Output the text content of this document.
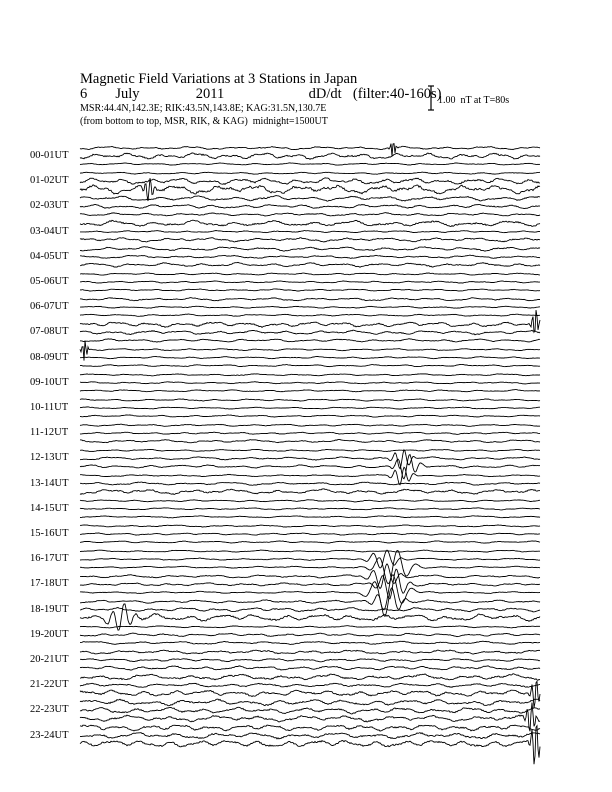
Magnetic Field Variations at 3 Stations in Japan
6 July	2011	dD/dt (filter:40-160s)
MSR:44.4N,142.3E; RIK:43.5N,143.8E; KAG:31.5N,130.7E
(from bottom to top, MSR, RIK, & KAG)  midnight=1500UT
1.00  nT at T=80s
00-01UT
01-02UT
02-03UT
03-04UT
04-05UT
05-06UT
06-07UT
07-08UT
08-09UT
09-10UT
10-11UT
11-12UT
12-13UT
13-14UT
14-15UT
15-16UT
16-17UT
17-18UT
18-19UT
19-20UT
20-21UT
21-22UT
22-23UT
23-24UT
